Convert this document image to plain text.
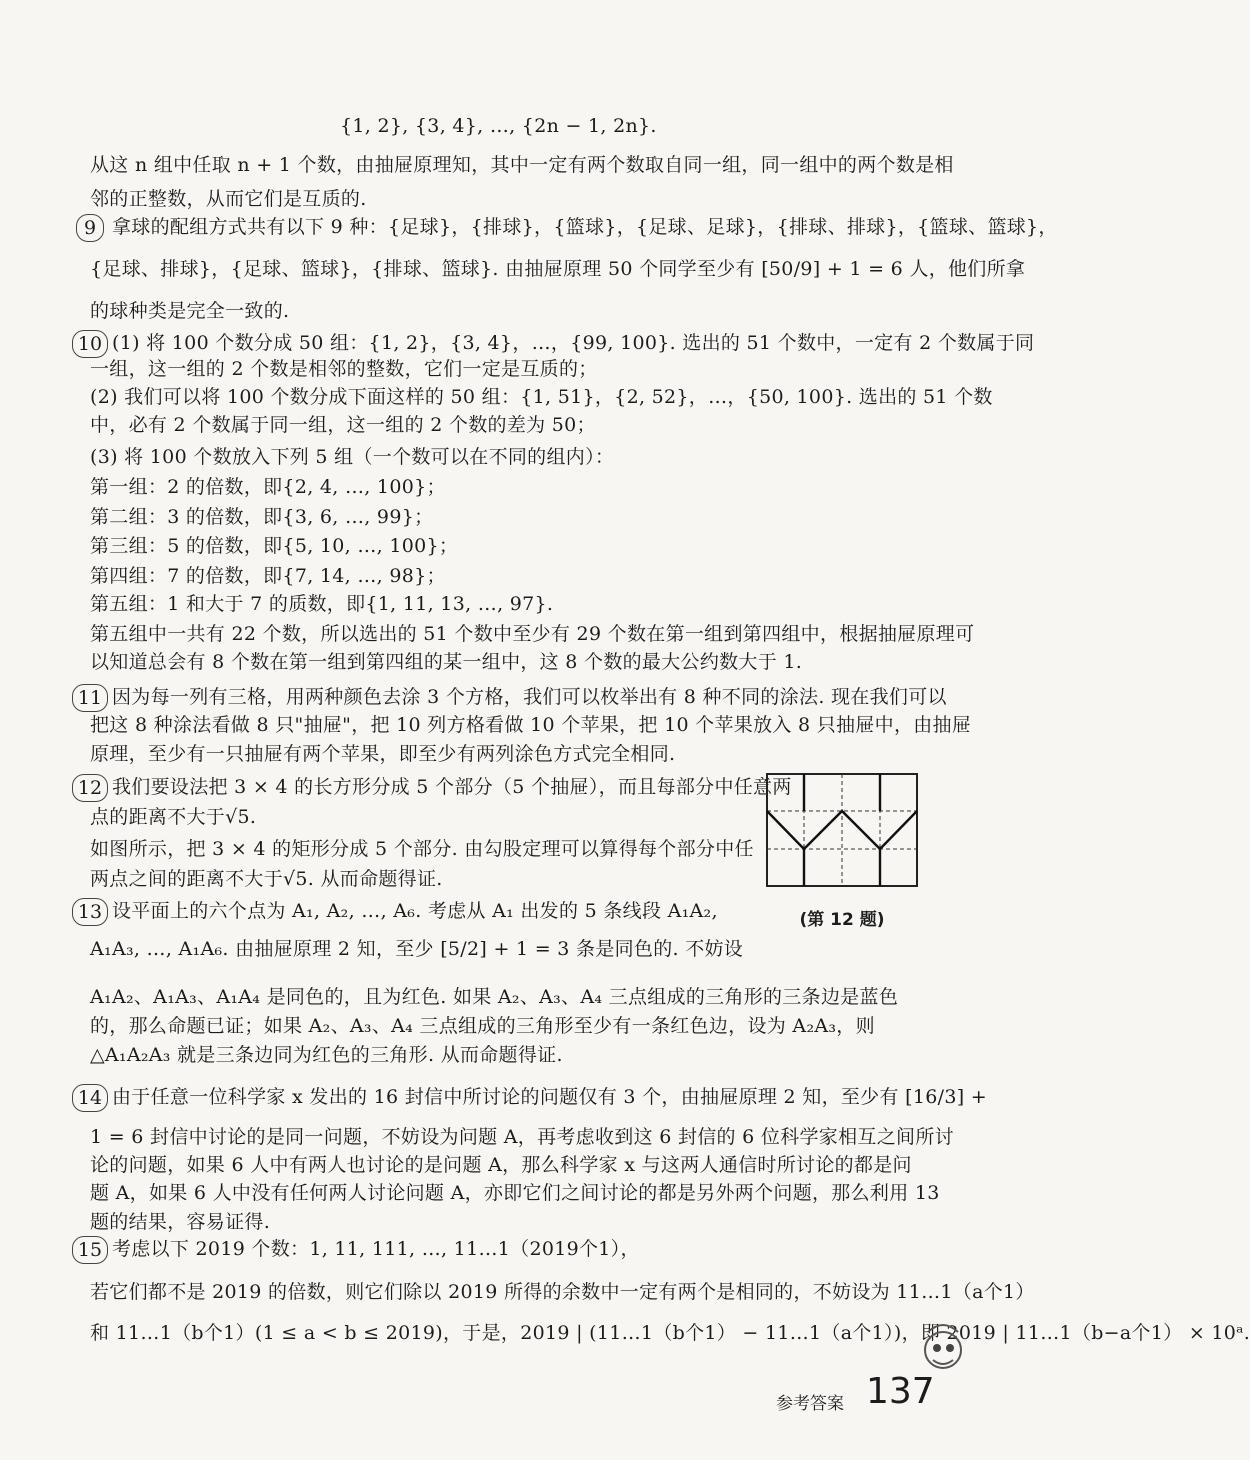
{1, 2}, {3, 4}, …, {2n − 1, 2n}.
从这 n 组中任取 n + 1 个数，由抽屉原理知，其中一定有两个数取自同一组，同一组中的两个数是相
邻的正整数，从而它们是互质的.
拿球的配组方式共有以下 9 种：{足球}，{排球}，{篮球}，{足球、足球}，{排球、排球}，{篮球、篮球}，
{足球、排球}，{足球、篮球}，{排球、篮球}. 由抽屉原理 50 个同学至少有 [50/9] + 1 = 6 人，他们所拿
的球种类是完全一致的.
(1) 将 100 个数分成 50 组：{1, 2}，{3, 4}，…，{99, 100}. 选出的 51 个数中，一定有 2 个数属于同
一组，这一组的 2 个数是相邻的整数，它们一定是互质的；
(2) 我们可以将 100 个数分成下面这样的 50 组：{1, 51}，{2, 52}，…，{50, 100}. 选出的 51 个数
中，必有 2 个数属于同一组，这一组的 2 个数的差为 50；
(3) 将 100 个数放入下列 5 组（一个数可以在不同的组内）：
第一组：2 的倍数，即{2, 4, …, 100}；
第二组：3 的倍数，即{3, 6, …, 99}；
第三组：5 的倍数，即{5, 10, …, 100}；
第四组：7 的倍数，即{7, 14, …, 98}；
第五组：1 和大于 7 的质数，即{1, 11, 13, …, 97}.
第五组中一共有 22 个数，所以选出的 51 个数中至少有 29 个数在第一组到第四组中，根据抽屉原理可
以知道总会有 8 个数在第一组到第四组的某一组中，这 8 个数的最大公约数大于 1.
因为每一列有三格，用两种颜色去涂 3 个方格，我们可以枚举出有 8 种不同的涂法. 现在我们可以
把这 8 种涂法看做 8 只"抽屉"，把 10 列方格看做 10 个苹果，把 10 个苹果放入 8 只抽屉中，由抽屉
原理，至少有一只抽屉有两个苹果，即至少有两列涂色方式完全相同.
我们要设法把 3 × 4 的长方形分成 5 个部分（5 个抽屉），而且每部分中任意两
点的距离不大于√5.
如图所示，把 3 × 4 的矩形分成 5 个部分. 由勾股定理可以算得每个部分中任
两点之间的距离不大于√5. 从而命题得证.
设平面上的六个点为 A₁, A₂, …, A₆. 考虑从 A₁ 出发的 5 条线段 A₁A₂,
A₁A₃, …, A₁A₆. 由抽屉原理 2 知，至少 [5/2] + 1 = 3 条是同色的. 不妨设
A₁A₂、A₁A₃、A₁A₄ 是同色的，且为红色. 如果 A₂、A₃、A₄ 三点组成的三角形的三条边是蓝色
的，那么命题已证；如果 A₂、A₃、A₄ 三点组成的三角形至少有一条红色边，设为 A₂A₃，则
△A₁A₂A₃ 就是三条边同为红色的三角形. 从而命题得证.
由于任意一位科学家 x 发出的 16 封信中所讨论的问题仅有 3 个，由抽屉原理 2 知，至少有 [16/3] +
1 = 6 封信中讨论的是同一问题，不妨设为问题 A，再考虑收到这 6 封信的 6 位科学家相互之间所讨
论的问题，如果 6 人中有两人也讨论的是问题 A，那么科学家 x 与这两人通信时所讨论的都是问
题 A，如果 6 人中没有任何两人讨论问题 A，亦即它们之间讨论的都是另外两个问题，那么利用 13
题的结果，容易证得.
考虑以下 2019 个数：1, 11, 111, …, 11…1（2019个1），
若它们都不是 2019 的倍数，则它们除以 2019 所得的余数中一定有两个是相同的，不妨设为 11…1（a个1）
和 11…1（b个1）(1 ≤ a < b ≤ 2019)，于是，2019 | (11…1（b个1） − 11…1（a个1）)，即 2019 | 11…1（b−a个1） × 10ᵃ.
9
10
11
12
13
14
15
(第 12 题)
参考答案 137
